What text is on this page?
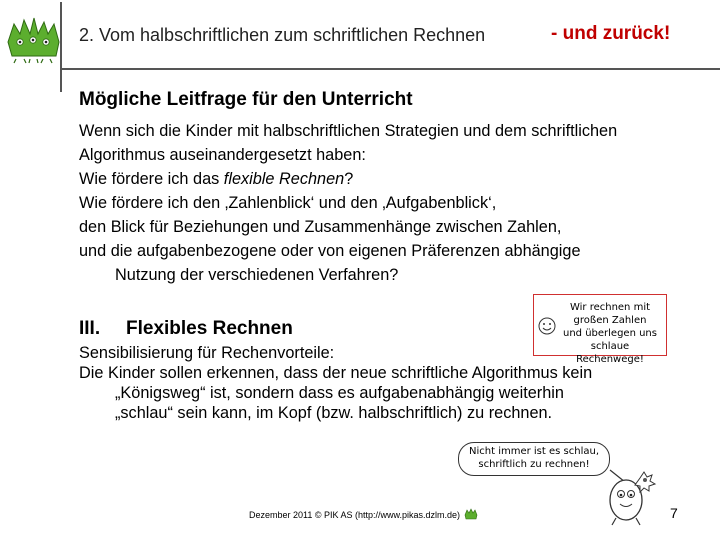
2. Vom halbschriftlichen zum schriftlichen Rechnen	- und zurück!
Mögliche Leitfrage für den Unterricht
Wenn sich die Kinder mit halbschriftlichen Strategien und dem schriftlichen
Algorithmus auseinandergesetzt haben:
Wie fördere ich das flexible Rechnen?
Wie fördere ich den ‚Zahlenblick‘ und den ‚Aufgabenblick‘,
den Blick für Beziehungen und Zusammenhänge zwischen Zahlen,
und die aufgabenbezogene oder von eigenen Präferenzen abhängige
Nutzung der verschiedenen Verfahren?
III. Flexibles Rechnen
Sensibilisierung für Rechenvorteile:
Die Kinder sollen erkennen, dass der neue schriftliche Algorithmus kein
„Königsweg“ ist, sondern dass es aufgabenabhängig weiterhin
„schlau“ sein kann, im Kopf (bzw. halbschriftlich) zu rechnen.
Wir rechnen mit
großen Zahlen
und überlegen uns
schlaue Rechenwege!
Nicht immer ist es schlau,
schriftlich zu rechnen!
Dezember 2011 © PIK AS (http://www.pikas.dzlm.de)	7
